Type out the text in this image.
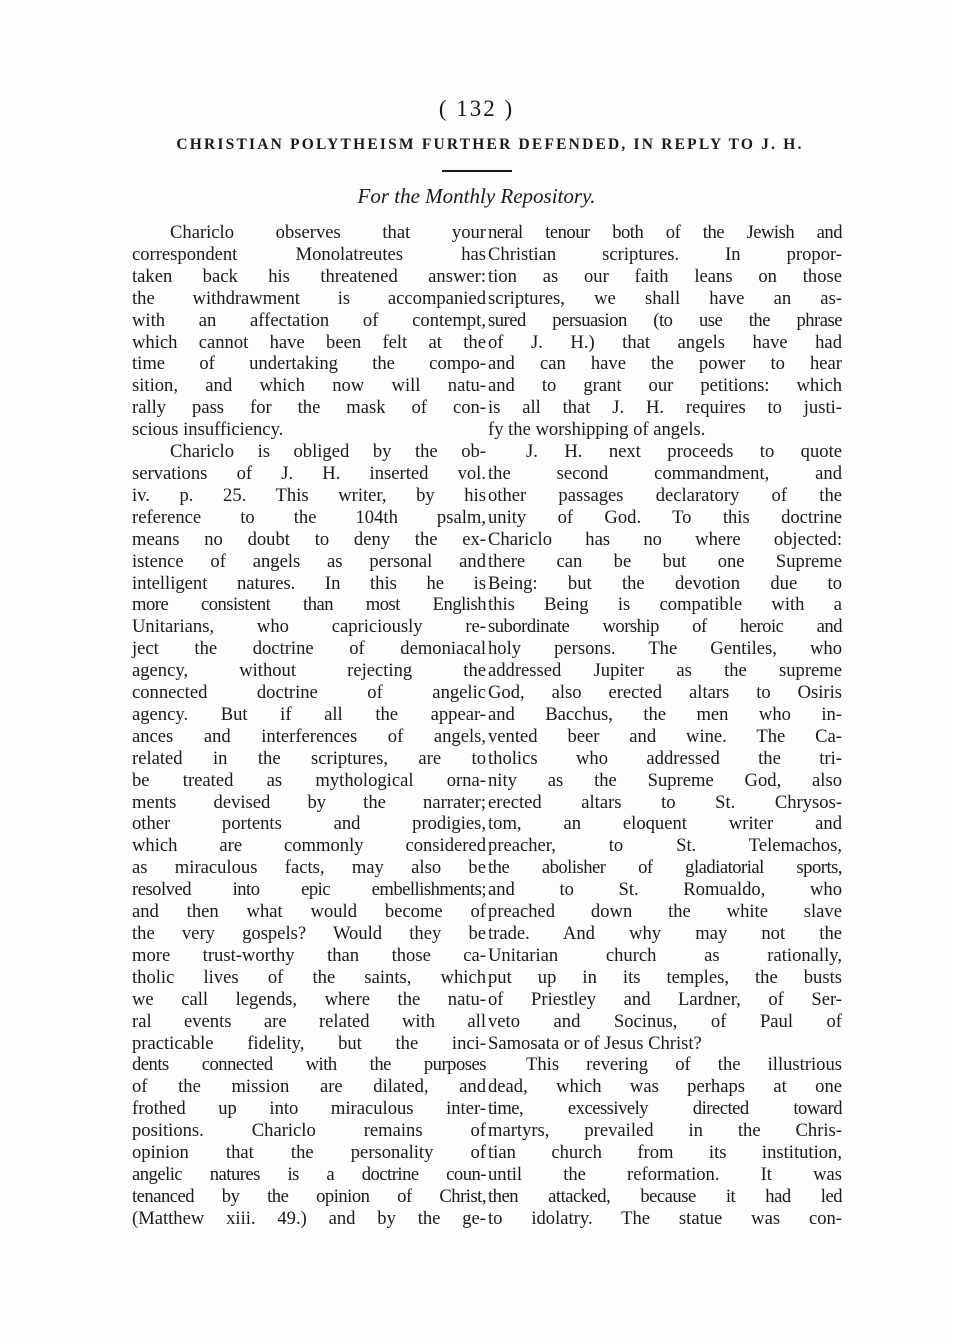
( 132 )
CHRISTIAN POLYTHEISM FURTHER DEFENDED, IN REPLY TO J. H.
For the Monthly Repository.
Chariclo observes that your
correspondent Monolatreutes has
taken back his threatened answer:
the withdrawment is accompanied
with an affectation of contempt,
which cannot have been felt at the
time of undertaking the compo-
sition, and which now will natu-
rally pass for the mask of con-
scious insufficiency.
Chariclo is obliged by the ob-
servations of J. H. inserted vol.
iv. p. 25. This writer, by his
reference to the 104th psalm,
means no doubt to deny the ex-
istence of angels as personal and
intelligent natures. In this he is
more consistent than most English
Unitarians, who capriciously re-
ject the doctrine of demoniacal
agency, without rejecting the
connected doctrine of angelic
agency. But if all the appear-
ances and interferences of angels,
related in the scriptures, are to
be treated as mythological orna-
ments devised by the narrater;
other portents and prodigies,
which are commonly considered
as miraculous facts, may also be
resolved into epic embellishments;
and then what would become of
the very gospels? Would they be
more trust-worthy than those ca-
tholic lives of the saints, which
we call legends, where the natu-
ral events are related with all
practicable fidelity, but the inci-
dents connected with the purposes
of the mission are dilated, and
frothed up into miraculous inter-
positions. Chariclo remains of
opinion that the personality of
angelic natures is a doctrine coun-
tenanced by the opinion of Christ,
(Matthew xiii. 49.) and by the ge-
neral tenour both of the Jewish and
Christian scriptures. In propor-
tion as our faith leans on those
scriptures, we shall have an as-
sured persuasion (to use the phrase
of J. H.) that angels have had
and can have the power to hear
and to grant our petitions: which
is all that J. H. requires to justi-
fy the worshipping of angels.
J. H. next proceeds to quote
the second commandment, and
other passages declaratory of the
unity of God. To this doctrine
Chariclo has no where objected:
there can be but one Supreme
Being: but the devotion due to
this Being is compatible with a
subordinate worship of heroic and
holy persons. The Gentiles, who
addressed Jupiter as the supreme
God, also erected altars to Osiris
and Bacchus, the men who in-
vented beer and wine. The Ca-
tholics who addressed the tri-
nity as the Supreme God, also
erected altars to St. Chrysos-
tom, an eloquent writer and
preacher, to St. Telemachos,
the abolisher of gladiatorial sports,
and to St. Romualdo, who
preached down the white slave
trade. And why may not the
Unitarian church as rationally,
put up in its temples, the busts
of Priestley and Lardner, of Ser-
veto and Socinus, of Paul of
Samosata or of Jesus Christ?
This revering of the illustrious
dead, which was perhaps at one
time, excessively directed toward
martyrs, prevailed in the Chris-
tian church from its institution,
until the reformation. It was
then attacked, because it had led
to idolatry. The statue was con-
